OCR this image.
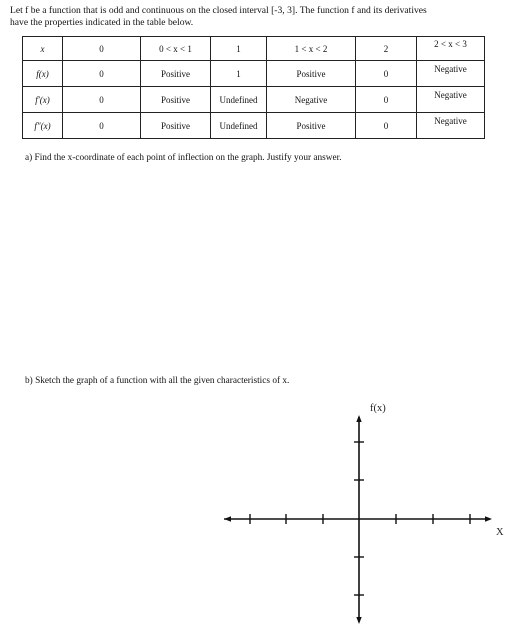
Let f be a function that is odd and continuous on the closed interval [-3, 3]. The function f and its derivatives
have the properties indicated in the table below.
x	0	0 < x < 1	1	1 < x < 2	2	2 < x < 3
f(x)	0	Positive	1	Positive	0	Negative
f′(x)	0	Positive	Undefined	Negative	0	Negative
f″(x)	0	Positive	Undefined	Positive	0	Negative
a) Find the x-coordinate of each point of inflection on the graph. Justify your answer.
b) Sketch the graph of a function with all the given characteristics of x.
f(x)
X
